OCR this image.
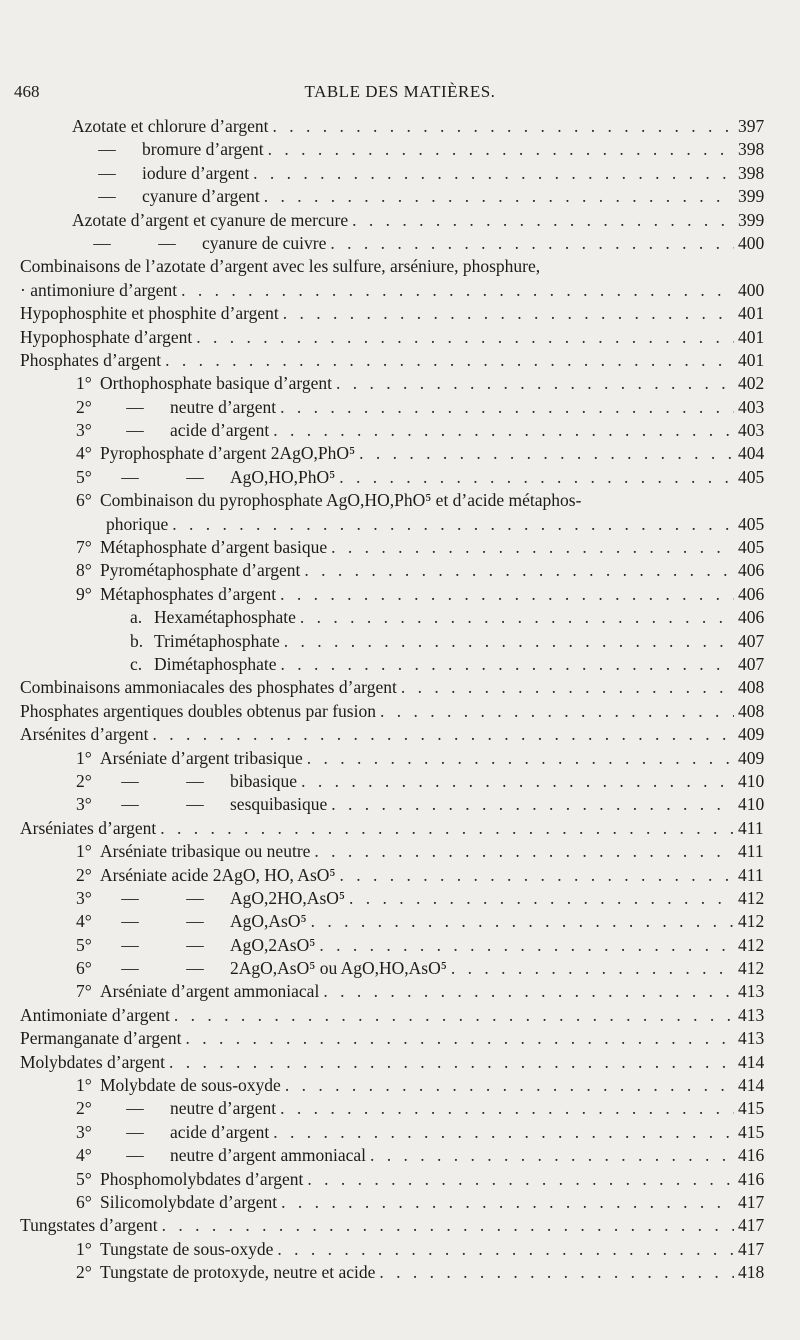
468	TABLE DES MATIÈRES.
Azotate et chlorure d’argent . . .	397
—	bromure d’argent . . .	398
—	iodure d’argent . . .	398
—	cyanure d’argent . . .	399
Azotate d’argent et cyanure de mercure . . .	399
—	—	cyanure de cuivre . . .	400
Combinaisons de l’azotate d’argent avec les sulfure, arséniure, phosphure,
· antimoniure d’argent . . .	400
Hypophosphite et phosphite d’argent . . .	401
Hypophosphate d’argent . . .	401
Phosphates d’argent . . .	401
1° Orthophosphate basique d’argent . . .	402
2°	—	neutre d’argent . . .	403
3°	—	acide d’argent . . .	403
4° Pyrophosphate d’argent 2AgO,PhO⁵ . . .	404
5°	—	—	AgO,HO,PhO⁵ . . .	405
6° Combinaison du pyrophosphate AgO,HO,PhO⁵ et d’acide métaphos-
phorique . . .	405
7° Métaphosphate d’argent basique . . .	405
8° Pyrométaphosphate d’argent . . .	406
9° Métaphosphates d’argent . . .	406
a. Hexamétaphosphate . . .	406
b. Trimétaphosphate . . .	407
c. Dimétaphosphate . . .	407
Combinaisons ammoniacales des phosphates d’argent . . .	408
Phosphates argentiques doubles obtenus par fusion . . .	408
Arsénites d’argent . . .	409
1° Arséniate d’argent tribasique . . .	409
2°	—	—	bibasique . . .	410
3°	—	—	sesquibasique . . .	410
Arséniates d’argent . . .	411
1° Arséniate tribasique ou neutre . . .	411
2° Arséniate acide 2AgO, HO, AsO⁵ . . .	411
3°	—	—	AgO,2HO,AsO⁵ . . .	412
4°	—	—	AgO,AsO⁵ . . .	412
5°	—	—	AgO,2AsO⁵ . . .	412
6°	—	—	2AgO,AsO⁵ ou AgO,HO,AsO⁵ . . .	412
7° Arséniate d’argent ammoniacal . . .	413
Antimoniate d’argent . . .	413
Permanganate d’argent . . .	413
Molybdates d’argent . . .	414
1° Molybdate de sous-oxyde . . .	414
2°	—	neutre d’argent . . .	415
3°	—	acide d’argent . . .	415
4°	—	neutre d’argent ammoniacal . . .	416
5° Phosphomolybdates d’argent . . .	416
6° Silicomolybdate d’argent . . .	417
Tungstates d’argent . . .	417
1° Tungstate de sous-oxyde . . .	417
2° Tungstate de protoxyde, neutre et acide . . .	418
